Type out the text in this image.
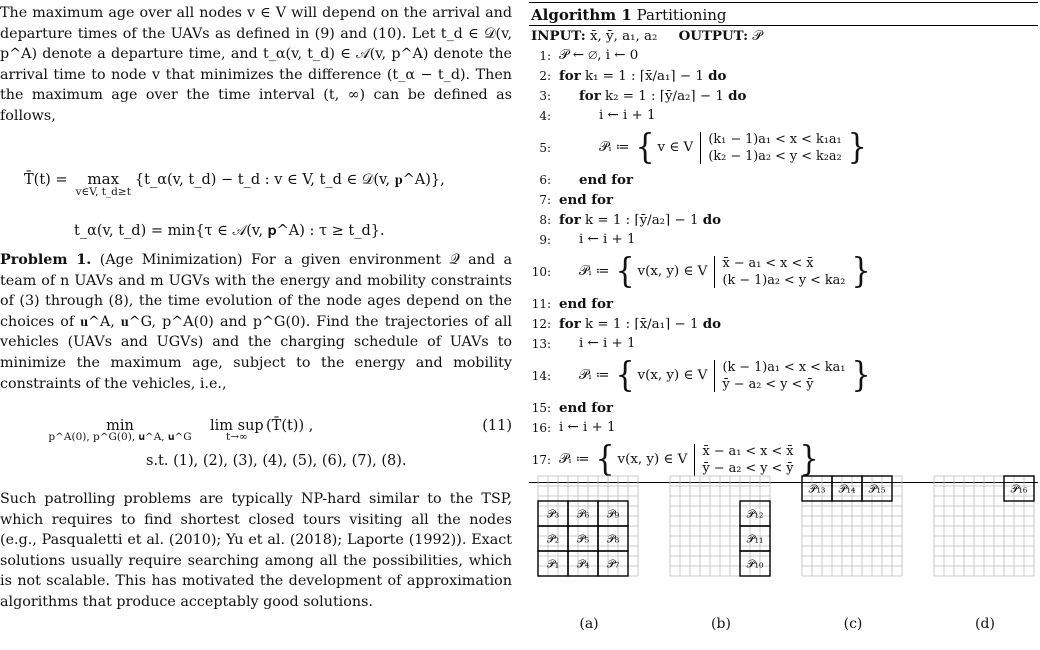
The maximum age over all nodes v ∈ V will depend on the arrival and departure times of the UAVs as defined in (9) and (10). Let t_d ∈ 𝒟(v, p^A) denote a departure time, and t_α(v, t_d) ∈ 𝒜(v, p^A) denote the arrival time to node v that minimizes the difference (t_α − t_d). Then the maximum age over the time interval (t, ∞) can be defined as follows,

T̄(t) = max
v∈V, t_d≥t
{t_α(v, t_d) − t_d : v ∈ V, t_d ∈ 𝒟(v, 𝐩^A)},
t_α(v, t_d) = min{τ ∈ 𝒜(v, 𝐩^A) : τ ≥ t_d}.

Problem 1. (Age Minimization) For a given environment 𝒬 and a team of n UAVs and m UGVs with the energy and mobility constraints of (3) through (8), the time evolution of the node ages depend on the choices of 𝐮^A, 𝐮^G, p^A(0) and p^G(0). Find the trajectories of all vehicles (UAVs and UGVs) and the charging schedule of UAVs to minimize the maximum age, subject to the energy and mobility constraints of the vehicles, i.e.,

min
p^A(0), p^G(0), 𝐮^A, 𝐮^G
lim sup
t→∞
(T̄(t)) ,	(11)
s.t. (1), (2), (3), (4), (5), (6), (7), (8).

Such patrolling problems are typically NP-hard similar to the TSP, which requires to find shortest closed tours visiting all the nodes (e.g., Pasqualetti et al. (2010); Yu et al. (2018); Laporte (1992)). Exact solutions usually require searching among all the possibilities, which is not scalable. This has motivated the development of approximation algorithms that produce acceptably good solutions.

Algorithm 1 Partitioning
INPUT: x̄, ȳ, a₁, a₂ OUTPUT: 𝒫
1: 𝒫 ← ∅, i ← 0
2: for k₁ = 1 : ⌈x̄/a₁⌉ − 1 do
3: for k₂ = 1 : ⌈ȳ/a₂⌉ − 1 do
4:	i ← i + 1
5:	𝒫ᵢ ≔ { v ∈ V
(k₁ − 1)a₁ < x < k₁a₁
(k₂ − 1)a₂ < y < k₂a₂ }
6: end for
7: end for
8: for k = 1 : ⌈ȳ/a₂⌉ − 1 do
9: i ← i + 1
10: 𝒫ᵢ ≔ { v(x, y) ∈ V
x̄ − a₁ < x < x̄
(k − 1)a₂ < y < ka₂ }
11: end for
12: for k = 1 : ⌈x̄/a₁⌉ − 1 do
13: i ← i + 1
14: 𝒫ᵢ ≔ { v(x, y) ∈ V
(k − 1)a₁ < x < ka₁
ȳ − a₂ < y < ȳ	}
15: end for
16: i ← i + 1
17: 𝒫ᵢ ≔ { v(x, y) ∈ V
x̄ − a₁ < x < x̄
ȳ − a₂ < y < ȳ }
𝒫₃ 𝒫₆ 𝒫₉
𝒫₂ 𝒫₅ 𝒫₈
𝒫₁ 𝒫₄ 𝒫₇
𝒫₁₂
𝒫₁₁
𝒫₁₀
𝒫₁₃ 𝒫₁₄ 𝒫₁₅	𝒫₁₆
(a)	(b)	(c)	(d)
